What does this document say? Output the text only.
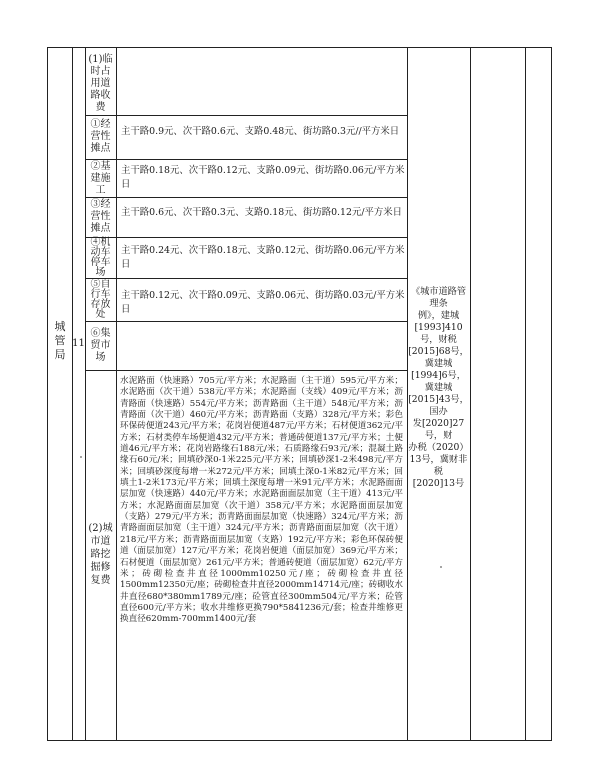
城
管
局
11
(1)临
时占
用道
路收
费
①经
营性
摊点
主干路0.9元、次干路0.6元、支路0.48元、街坊路0.3元//平方米日
②基
建施
工
主干路0.18元、次干路0.12元、支路0.09元、街坊路0.06元/平方米日
③经
营性
摊点
主干路0.6元、次干路0.3元、支路0.18元、街坊路0.12元/平方米日
④机
动车
停车
场
主干路0.24元、次干路0.18元、支路0.12元、街坊路0.06元/平方米日
⑤自
行车
存放
处
主干路0.12元、次干路0.09元、支路0.06元、街坊路0.03元/平方米日
⑥集
贸市
场
(2)城
市道
路挖
掘修
复费
水泥路面（快速路）705元/平方米；水泥路面（主干道）595元/平方米；水泥路面（次干道）538元/平方米；水泥路面（支线）409元/平方米；沥青路面（快速路）554元/平方米；沥青路面（主干道）548元/平方米；沥青路面（次干道）460元/平方米；沥青路面（支路）328元/平方米；彩色环保砖便道243元/平方米；花岗岩便道487元/平方米；石材便道362元/平方米；石材类停车场便道432元/平方米；普通砖便道137元/平方米；土便道46元/平方米；花岗岩路缘石188元/米；石质路缘石93元/米；混凝土路缘石60元/米；回填砂深0-1米225元/平方米；回填砂深1-2米498元/平方米；回填砂深度每增一米272元/平方米；回填土深0-1米82元/平方米；回填土1-2米173元/平方米；回填土深度每增一米91元/平方米；水泥路面面层加宽（快速路）440元/平方米；水泥路面面层加宽（主干道）413元/平方米；水泥路面面层加宽（次干道）358元/平方米；水泥路面面层加宽（支路）279元/平方米；沥青路面面层加宽（快速路）324元/平方米；沥青路面面层加宽（主干道）324元/平方米；沥青路面面层加宽（次干道）218元/平方米；沥青路面面层加宽（支路）192元/平方米；彩色环保砖便道（面层加宽）127元/平方米；花岗岩便道（面层加宽）369元/平方米；石材便道（面层加宽）261元/平方米；普通砖便道（面层加宽）62元/平方米；砖砌检查井直径1000mm10250元/座；砖砌检查井直径1500mm12350元/座；砖砌检查井直径2000mm14714元/座；砖砌收水井直径680*380mm1789元/座；砼管直径300mm504元/平方米；砼管直径600元/平方米；收水井维修更换790*5841236元/套；检查井维修更换直径620mm-700mm1400元/套
《城市道路管理条
例》，建城
[1993]410号，财税
[2015]68号，冀建城
[1994]6号，冀建城
[2015]43号，国办
发[2020]27号，财
办税（2020）
13号，冀财非税
[2020]13号
